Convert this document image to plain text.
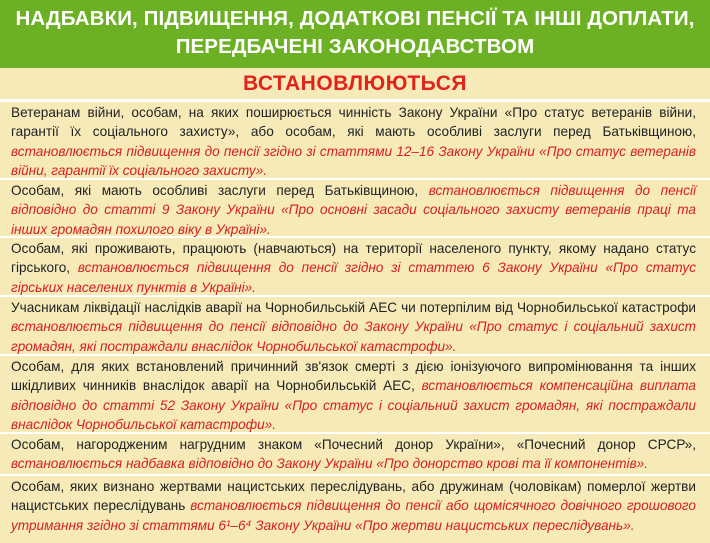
НАДБАВКИ, ПІДВИЩЕННЯ, ДОДАТКОВІ ПЕНСІЇ ТА ІНШІ ДОПЛАТИ,
ПЕРЕДБАЧЕНІ ЗАКОНОДАВСТВОМ
ВСТАНОВЛЮЮТЬСЯ
Ветеранам війни, особам, на яких поширюється чинність Закону України «Про статус ветеранів війни, гарантії їх соціального захисту», або особам, які мають особливі заслуги перед Батьківщиною, встановлюється підвищення до пенсії згідно зі статтями 12–16 Закону України «Про статус ветеранів війни, гарантії їх соціального захисту».
Особам, які мають особливі заслуги перед Батьківщиною, встановлюється підвищення до пенсії відповідно до статті 9 Закону України «Про основні засади соціального захисту ветеранів праці та інших громадян похилого віку в Україні».
Особам, які проживають, працюють (навчаються) на території населеного пункту, якому надано статус гірського, встановлюється підвищення до пенсії згідно зі статтею 6 Закону України «Про статус гірських населених пунктів в Україні».
Учасникам ліквідації наслідків аварії на Чорнобильській АЕС чи потерпілим від Чорнобильської катастрофи встановлюється підвищення до пенсії відповідно до Закону України «Про статус і соціальний захист громадян, які постраждали внаслідок Чорнобильської катастрофи».
Особам, для яких встановлений причинний зв'язок смерті з дією іонізуючого випромінювання та інших шкідливих чинників внаслідок аварії на Чорнобильській АЕС, встановлюється компенсаційна виплата відповідно до статті 52 Закону України «Про статус і соціальний захист громадян, які постраждали внаслідок Чорнобильської катастрофи».
Особам, нагородженим нагрудним знаком «Почесний донор України», «Почесний донор СРСР», встановлюється надбавка відповідно до Закону України «Про донорство крові та її компонентів».
Особам, яких визнано жертвами нацистських переслідувань, або дружинам (чоловікам) померлої жертви нацистських переслідувань встановлюється підвищення до пенсії або щомісячного довічного грошового утримання згідно зі статтями 6¹–6⁴ Закону України «Про жертви нацистських переслідувань».
